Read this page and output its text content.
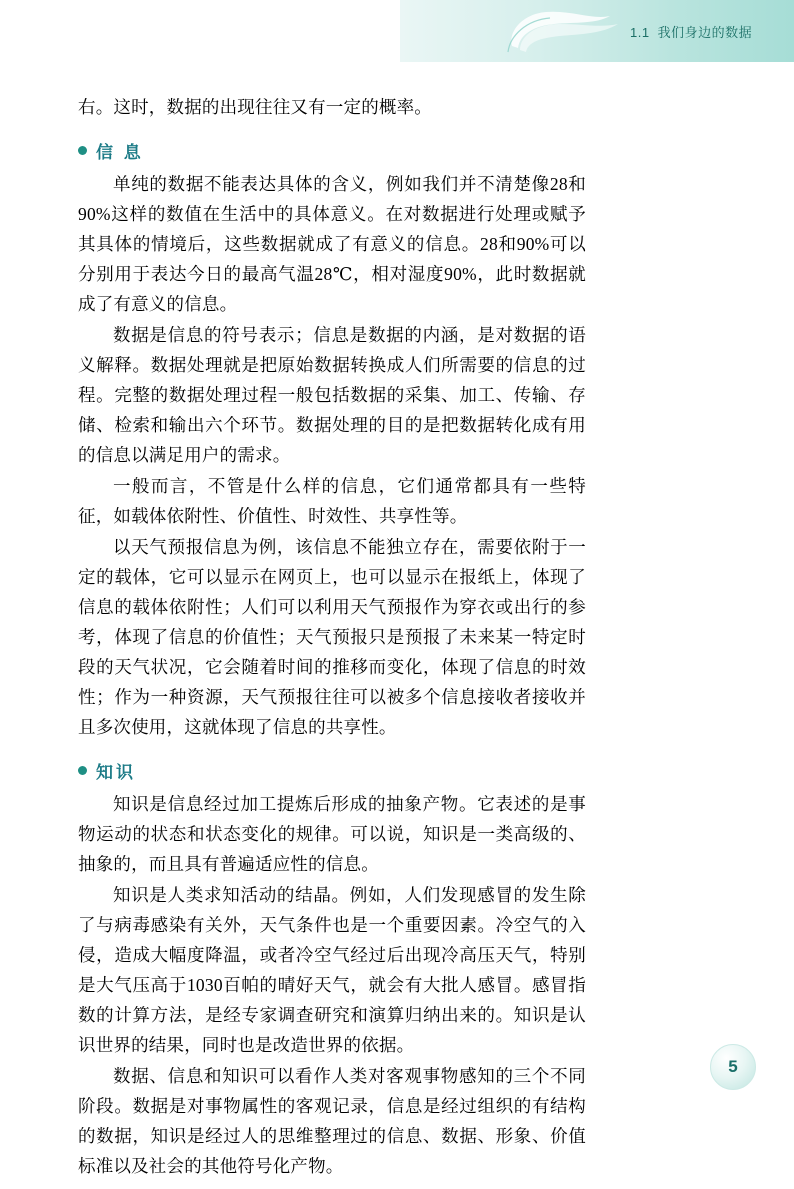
1.1 我们身边的数据

右。这时，数据的出现往往又有一定的概率。

信 息

单纯的数据不能表达具体的含义，例如我们并不清楚像28和90%这样的数值在生活中的具体意义。在对数据进行处理或赋予其具体的情境后，这些数据就成了有意义的信息。28和90%可以分别用于表达今日的最高气温28℃，相对湿度90%，此时数据就成了有意义的信息。

数据是信息的符号表示；信息是数据的内涵，是对数据的语义解释。数据处理就是把原始数据转换成人们所需要的信息的过程。完整的数据处理过程一般包括数据的采集、加工、传输、存储、检索和输出六个环节。数据处理的目的是把数据转化成有用的信息以满足用户的需求。

一般而言，不管是什么样的信息，它们通常都具有一些特征，如载体依附性、价值性、时效性、共享性等。

以天气预报信息为例，该信息不能独立存在，需要依附于一定的载体，它可以显示在网页上，也可以显示在报纸上，体现了信息的载体依附性；人们可以利用天气预报作为穿衣或出行的参考，体现了信息的价值性；天气预报只是预报了未来某一特定时段的天气状况，它会随着时间的推移而变化，体现了信息的时效性；作为一种资源，天气预报往往可以被多个信息接收者接收并且多次使用，这就体现了信息的共享性。

知识

知识是信息经过加工提炼后形成的抽象产物。它表述的是事物运动的状态和状态变化的规律。可以说，知识是一类高级的、抽象的，而且具有普遍适应性的信息。

知识是人类求知活动的结晶。例如，人们发现感冒的发生除了与病毒感染有关外，天气条件也是一个重要因素。冷空气的入侵，造成大幅度降温，或者冷空气经过后出现冷高压天气，特别是大气压高于1030百帕的晴好天气，就会有大批人感冒。感冒指数的计算方法，是经专家调查研究和演算归纳出来的。知识是认识世界的结果，同时也是改造世界的依据。

数据、信息和知识可以看作人类对客观事物感知的三个不同阶段。数据是对事物属性的客观记录，信息是经过组织的有结构的数据，知识是经过人的思维整理过的信息、数据、形象、价值标准以及社会的其他符号化产物。

5
